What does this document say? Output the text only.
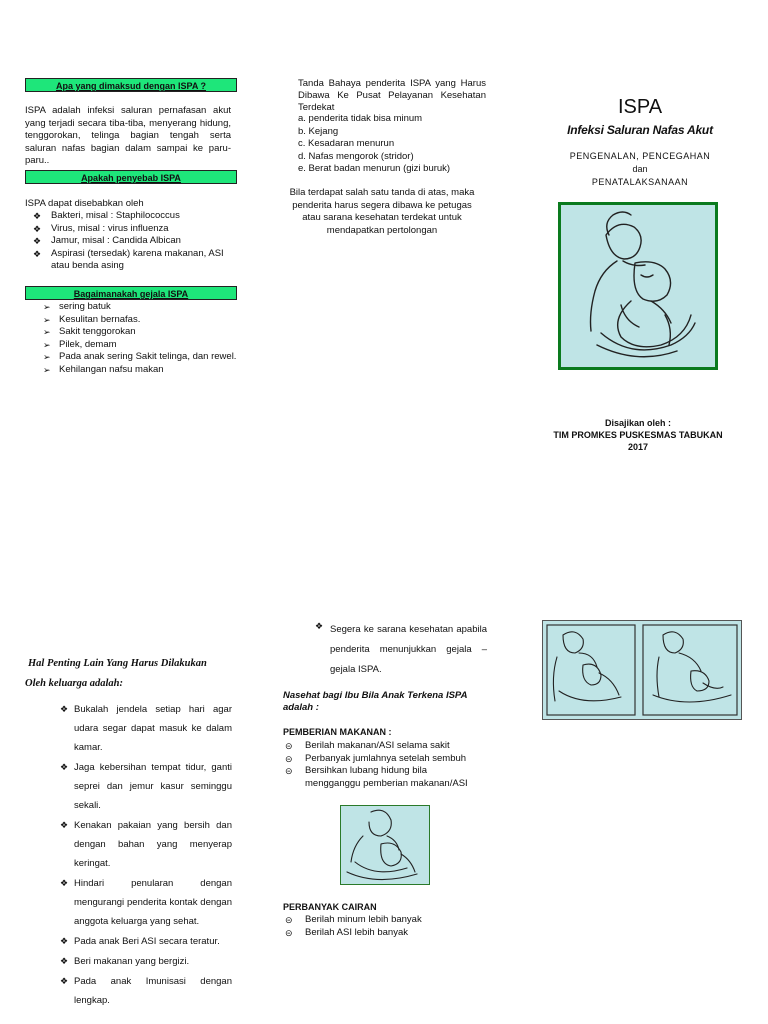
Apa yang dimaksud dengan ISPA ?
ISPA adalah infeksi saluran pernafasan akut yang terjadi secara tiba-tiba, menyerang hidung, tenggorokan, telinga bagian tengah serta saluran nafas bagian dalam sampai ke paru-paru..
Apakah penyebab ISPA
ISPA dapat disebabkan oleh
❖	Bakteri, misal : Staphilococcus
❖	Virus, misal : virus influenza
❖	Jamur, misal : Candida Albican
❖	Aspirasi (tersedak) karena makanan, ASI atau benda asing
Bagaimanakah gejala ISPA
➢ sering batuk
➢ Kesulitan bernafas.
➢ Sakit tenggorokan
➢ Pilek, demam
➢ Pada anak sering Sakit telinga, dan rewel.
➢ Kehilangan nafsu makan
Tanda Bahaya penderita ISPA yang Harus Dibawa Ke Pusat Pelayanan Kesehatan Terdekat
a. penderita tidak bisa minum
b. Kejang
c. Kesadaran menurun
d. Nafas mengorok (stridor)
e. Berat badan menurun (gizi buruk)
Bila terdapat salah satu tanda di atas, maka penderita harus segera dibawa ke petugas atau sarana kesehatan terdekat untuk mendapatkan pertolongan
ISPA
Infeksi Saluran Nafas Akut
PENGENALAN, PENCEGAHAN
dan
PENATALAKSANAAN
Disajikan oleh :
TIM PROMKES PUSKESMAS TABUKAN
2017
Hal Penting Lain Yang Harus Dilakukan
Oleh keluarga adalah:
❖ Bukalah jendela setiap hari agar udara segar dapat masuk ke dalam kamar.
❖ Jaga kebersihan tempat tidur, ganti seprei dan jemur kasur seminggu sekali.
❖ Kenakan pakaian yang bersih dan dengan bahan yang menyerap keringat.
❖ Hindari penularan dengan mengurangi penderita kontak dengan anggota keluarga yang sehat.
❖ Pada anak Beri ASI secara teratur.
❖ Beri makanan yang bergizi.
❖ Pada anak Imunisasi dengan lengkap.
❖ Segera ke sarana kesehatan apabila penderita menunjukkan gejala – gejala ISPA.
Nasehat bagi Ibu Bila Anak Terkena ISPA
adalah :
PEMBERIAN MAKANAN :
⊝	Berilah makanan/ASI selama sakit
⊝	Perbanyak jumlahnya setelah sembuh
⊝	Bersihkan lubang hidung bila mengganggu pemberian makanan/ASI
PERBANYAK CAIRAN
⊝	Berilah minum lebih banyak
⊝	Berilah ASI lebih banyak
